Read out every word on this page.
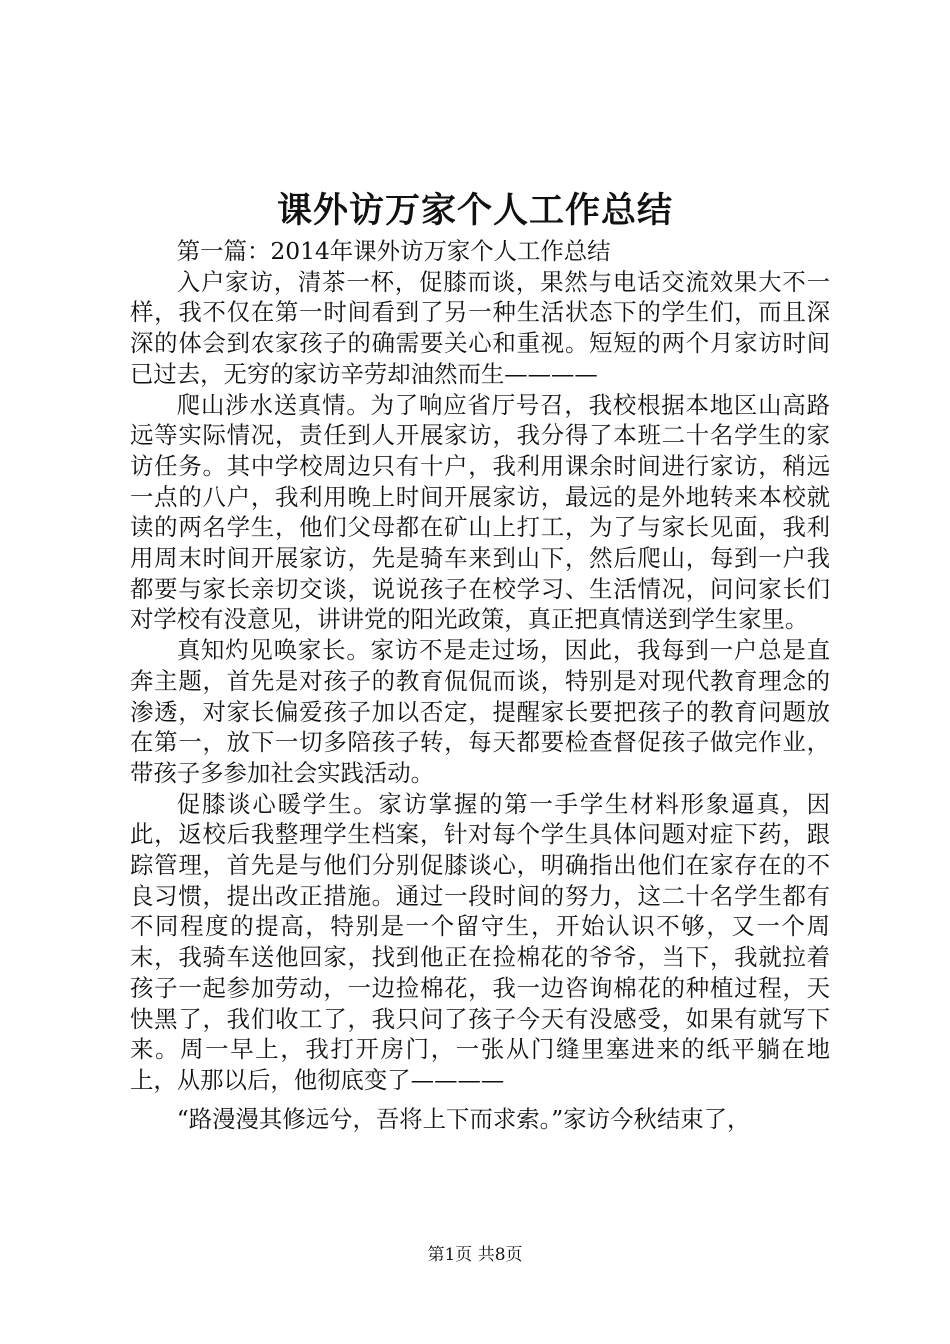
课外访万家个人工作总结

第一篇：2014年课外访万家个人工作总结

入户家访，清茶一杯，促膝而谈，果然与电话交流效果大不一样，我不仅在第一时间看到了另一种生活状态下的学生们，而且深深的体会到农家孩子的确需要关心和重视。短短的两个月家访时间已过去，无穷的家访辛劳却油然而生————

爬山涉水送真情。为了响应省厅号召，我校根据本地区山高路远等实际情况，责任到人开展家访，我分得了本班二十名学生的家访任务。其中学校周边只有十户，我利用课余时间进行家访，稍远一点的八户，我利用晚上时间开展家访，最远的是外地转来本校就读的两名学生，他们父母都在矿山上打工，为了与家长见面，我利用周末时间开展家访，先是骑车来到山下，然后爬山，每到一户我都要与家长亲切交谈，说说孩子在校学习、生活情况，问问家长们对学校有没意见，讲讲党的阳光政策，真正把真情送到学生家里。

真知灼见唤家长。家访不是走过场，因此，我每到一户总是直奔主题，首先是对孩子的教育侃侃而谈，特别是对现代教育理念的渗透，对家长偏爱孩子加以否定，提醒家长要把孩子的教育问题放在第一，放下一切多陪孩子转，每天都要检查督促孩子做完作业，带孩子多参加社会实践活动。

促膝谈心暖学生。家访掌握的第一手学生材料形象逼真，因此，返校后我整理学生档案，针对每个学生具体问题对症下药，跟踪管理，首先是与他们分别促膝谈心，明确指出他们在家存在的不良习惯，提出改正措施。通过一段时间的努力，这二十名学生都有不同程度的提高，特别是一个留守生，开始认识不够，又一个周末，我骑车送他回家，找到他正在捡棉花的爷爷，当下，我就拉着孩子一起参加劳动，一边捡棉花，我一边咨询棉花的种植过程，天快黑了，我们收工了，我只问了孩子今天有没感受，如果有就写下来。周一早上，我打开房门，一张从门缝里塞进来的纸平躺在地上，从那以后，他彻底变了————

“路漫漫其修远兮，吾将上下而求索。”家访今秋结束了，

第1页 共8页
